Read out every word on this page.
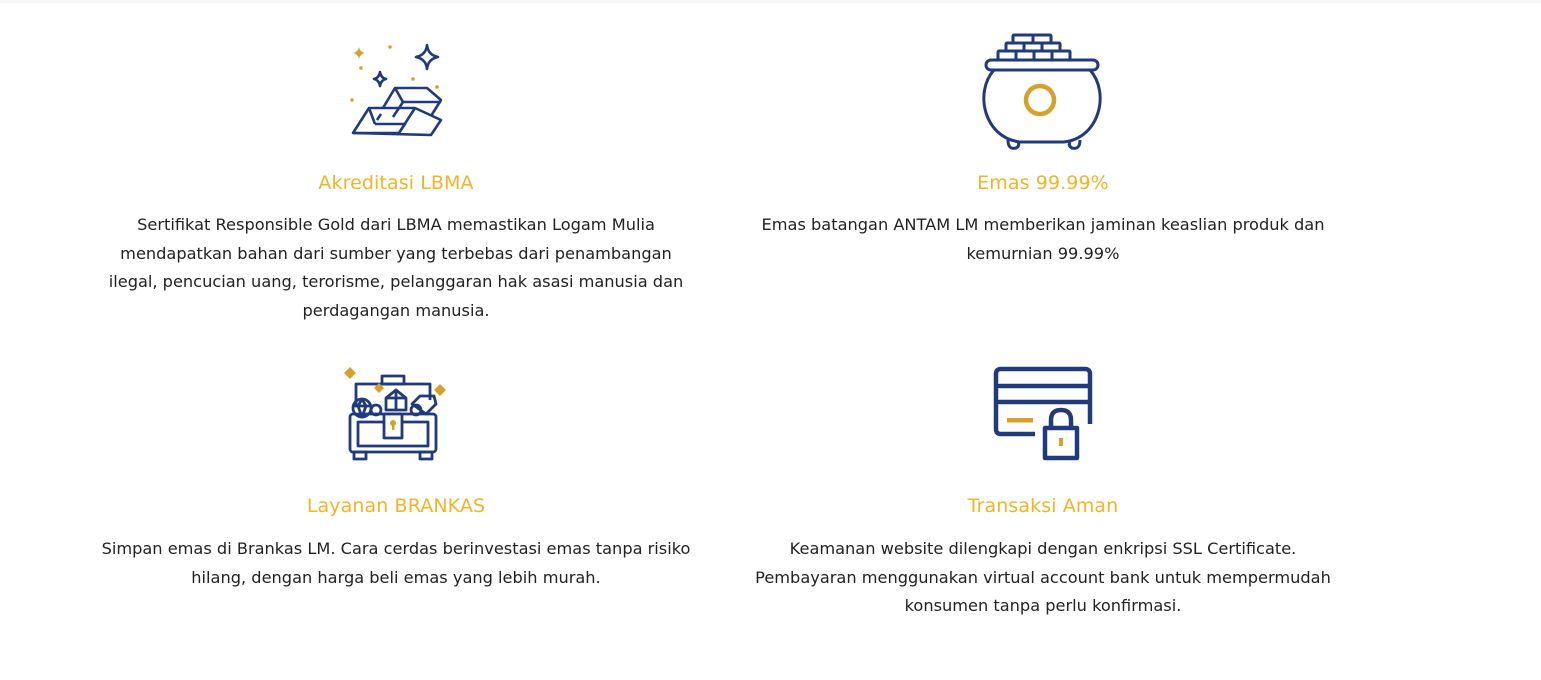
Akreditasi LBMA

Sertifikat Responsible Gold dari LBMA memastikan Logam Mulia
mendapatkan bahan dari sumber yang terbebas dari penambangan
ilegal, pencucian uang, terorisme, pelanggaran hak asasi manusia dan
perdagangan manusia.

Emas 99.99%

Emas batangan ANTAM LM memberikan jaminan keaslian produk dan
kemurnian 99.99%

Layanan BRANKAS

Simpan emas di Brankas LM. Cara cerdas berinvestasi emas tanpa risiko
hilang, dengan harga beli emas yang lebih murah.

Transaksi Aman

Keamanan website dilengkapi dengan enkripsi SSL Certificate.
Pembayaran menggunakan virtual account bank untuk mempermudah
konsumen tanpa perlu konfirmasi.
